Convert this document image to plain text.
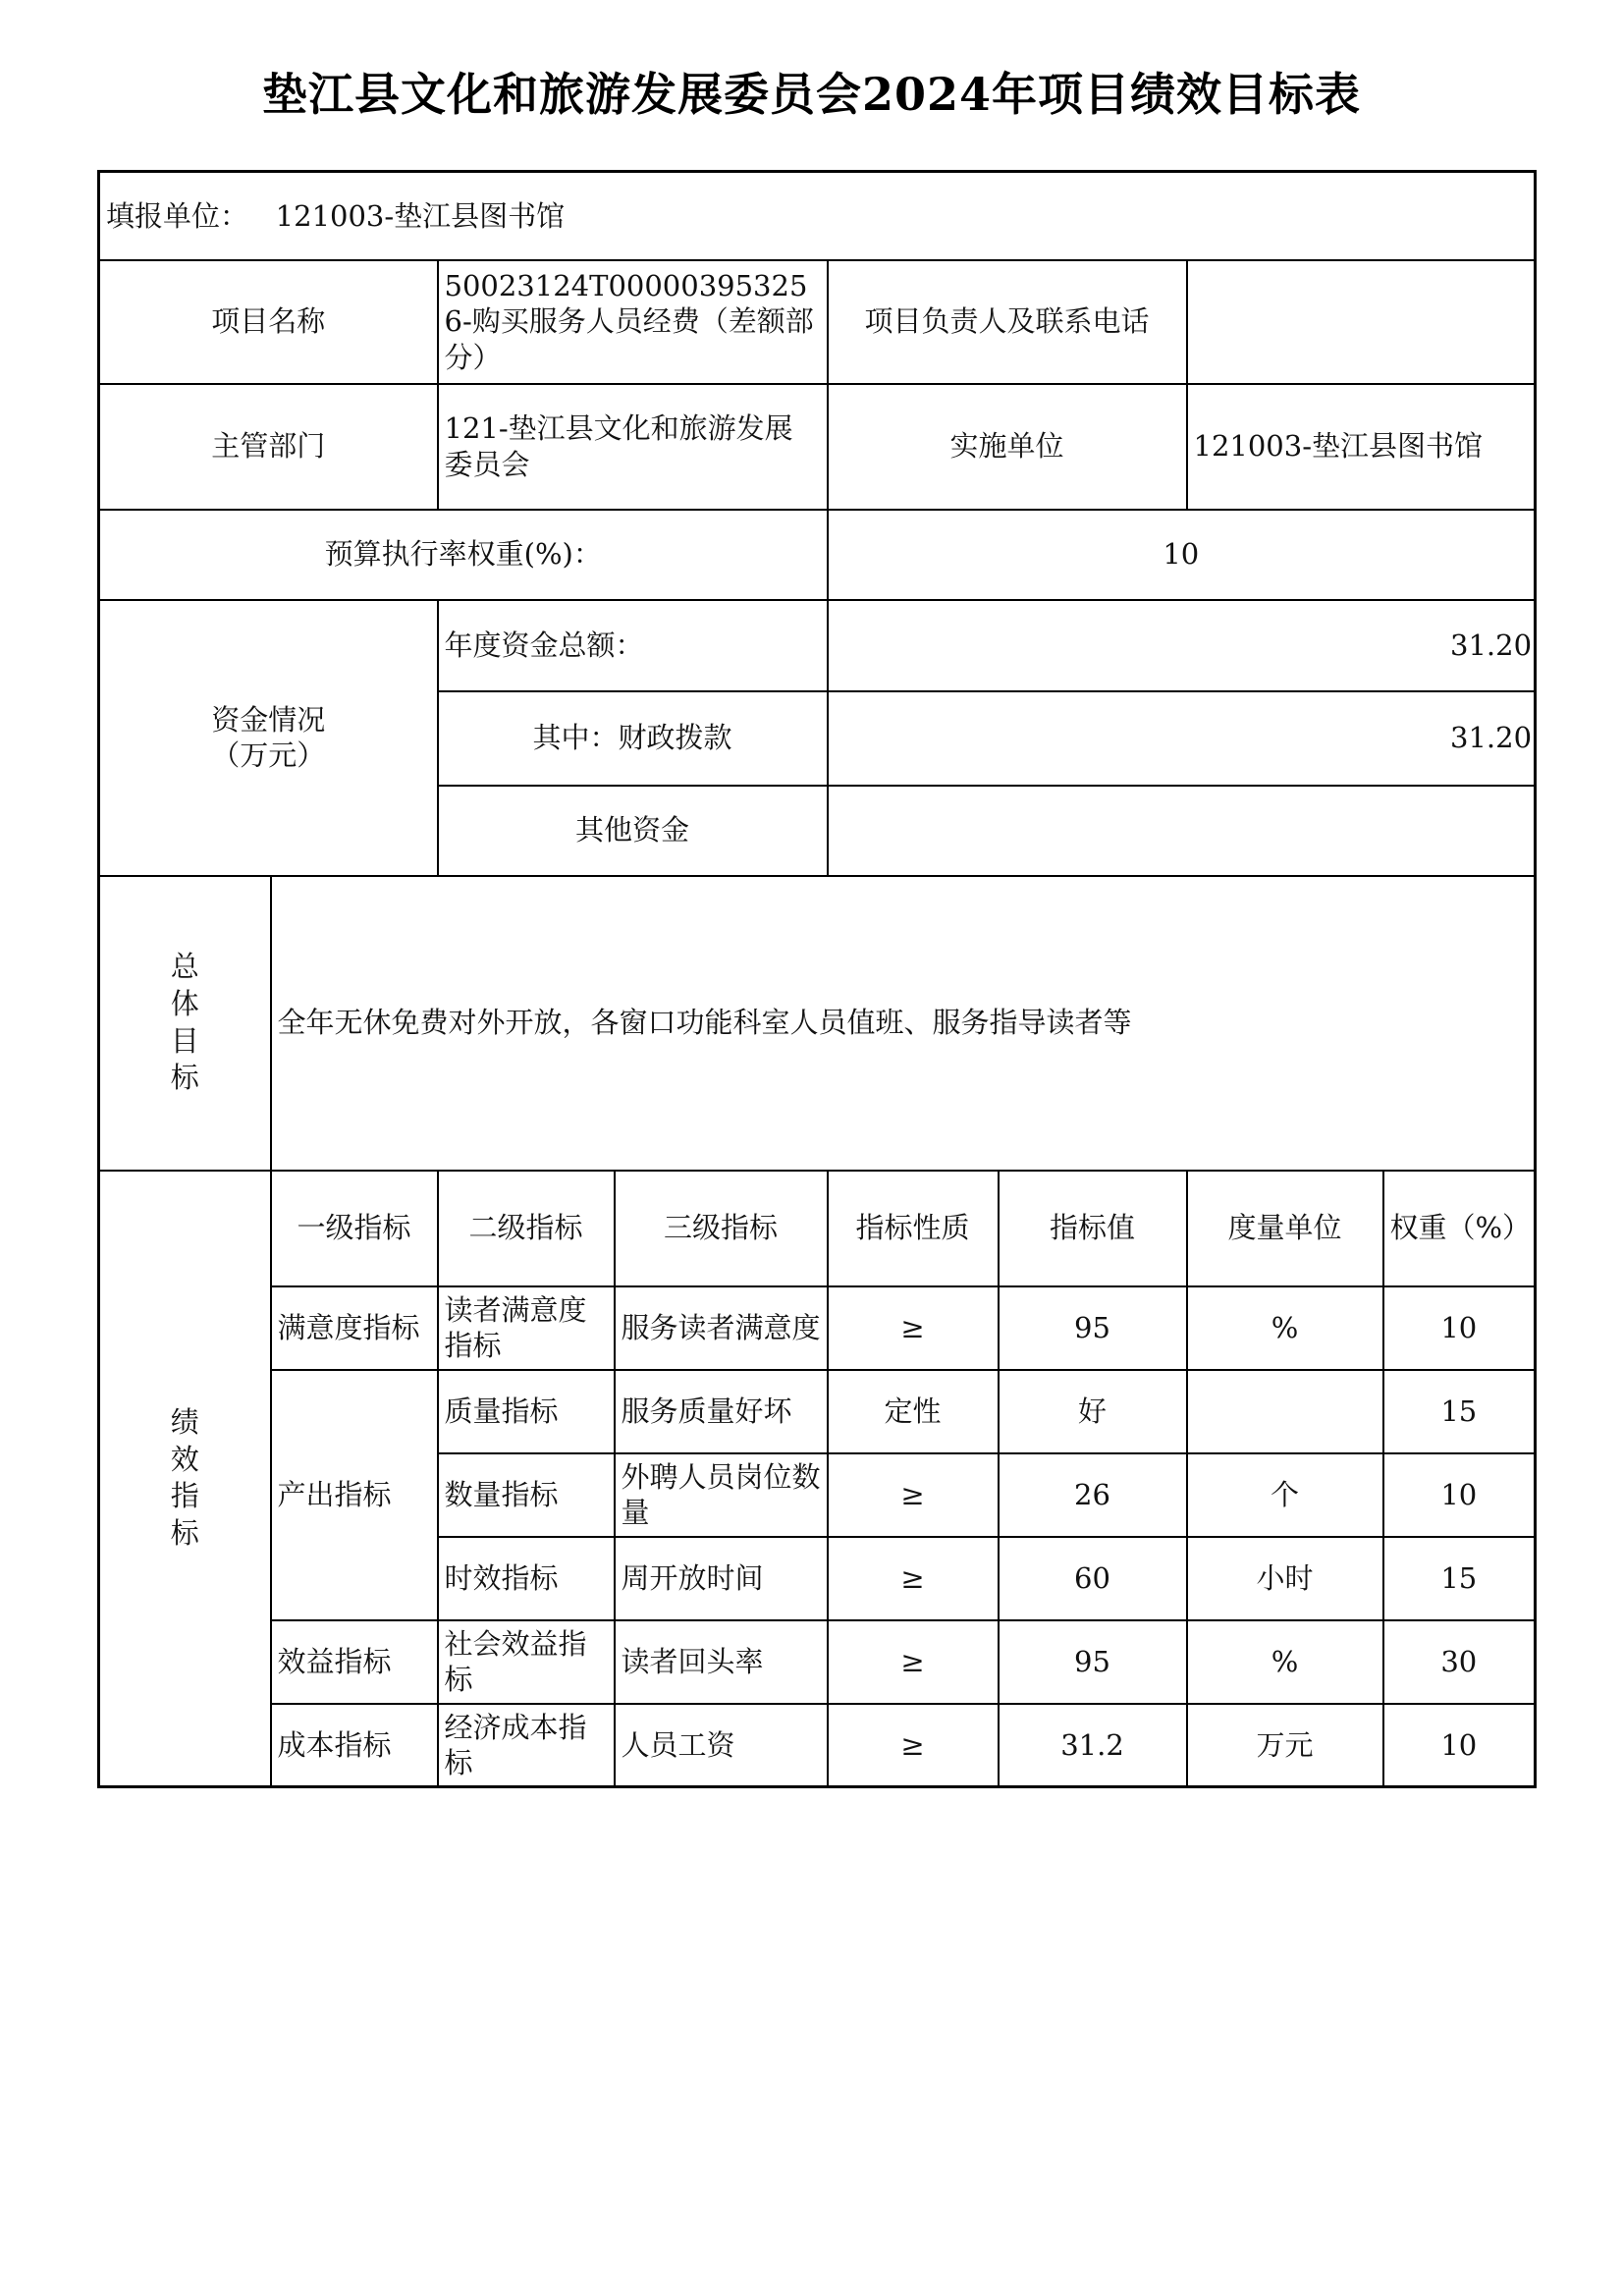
垫江县文化和旅游发展委员会2024年项目绩效目标表
填报单位： 121003-垫江县图书馆							
项目名称		50023124T000003953256-购买服务人员经费（差额部分）		项目负责人及联系电话			
主管部门		121-垫江县文化和旅游发展委员会		实施单位		121003-垫江县图书馆	
预算执行率权重(%)：				10			

资金情况
（万元）		年度资金总额：		31.20			
		其中：财政拨款		31.20			
		其他资金					

总体目标	全年无休免费对外开放，各窗口功能科室人员值班、服务指导读者等						

绩效指标	一级指标	二级指标	三级指标	指标性质	指标值	度量单位	权重（%）
	满意度指标	读者满意度指标	服务读者满意度	≥	95	%	10
	产出指标	质量指标	服务质量好坏	定性	好		15
		数量指标	外聘人员岗位数量	≥	26	个	10
		时效指标	周开放时间	≥	60	小时	15
	效益指标	社会效益指标	读者回头率	≥	95	%	30
	成本指标	经济成本指标	人员工资	≥	31.2	万元	10
